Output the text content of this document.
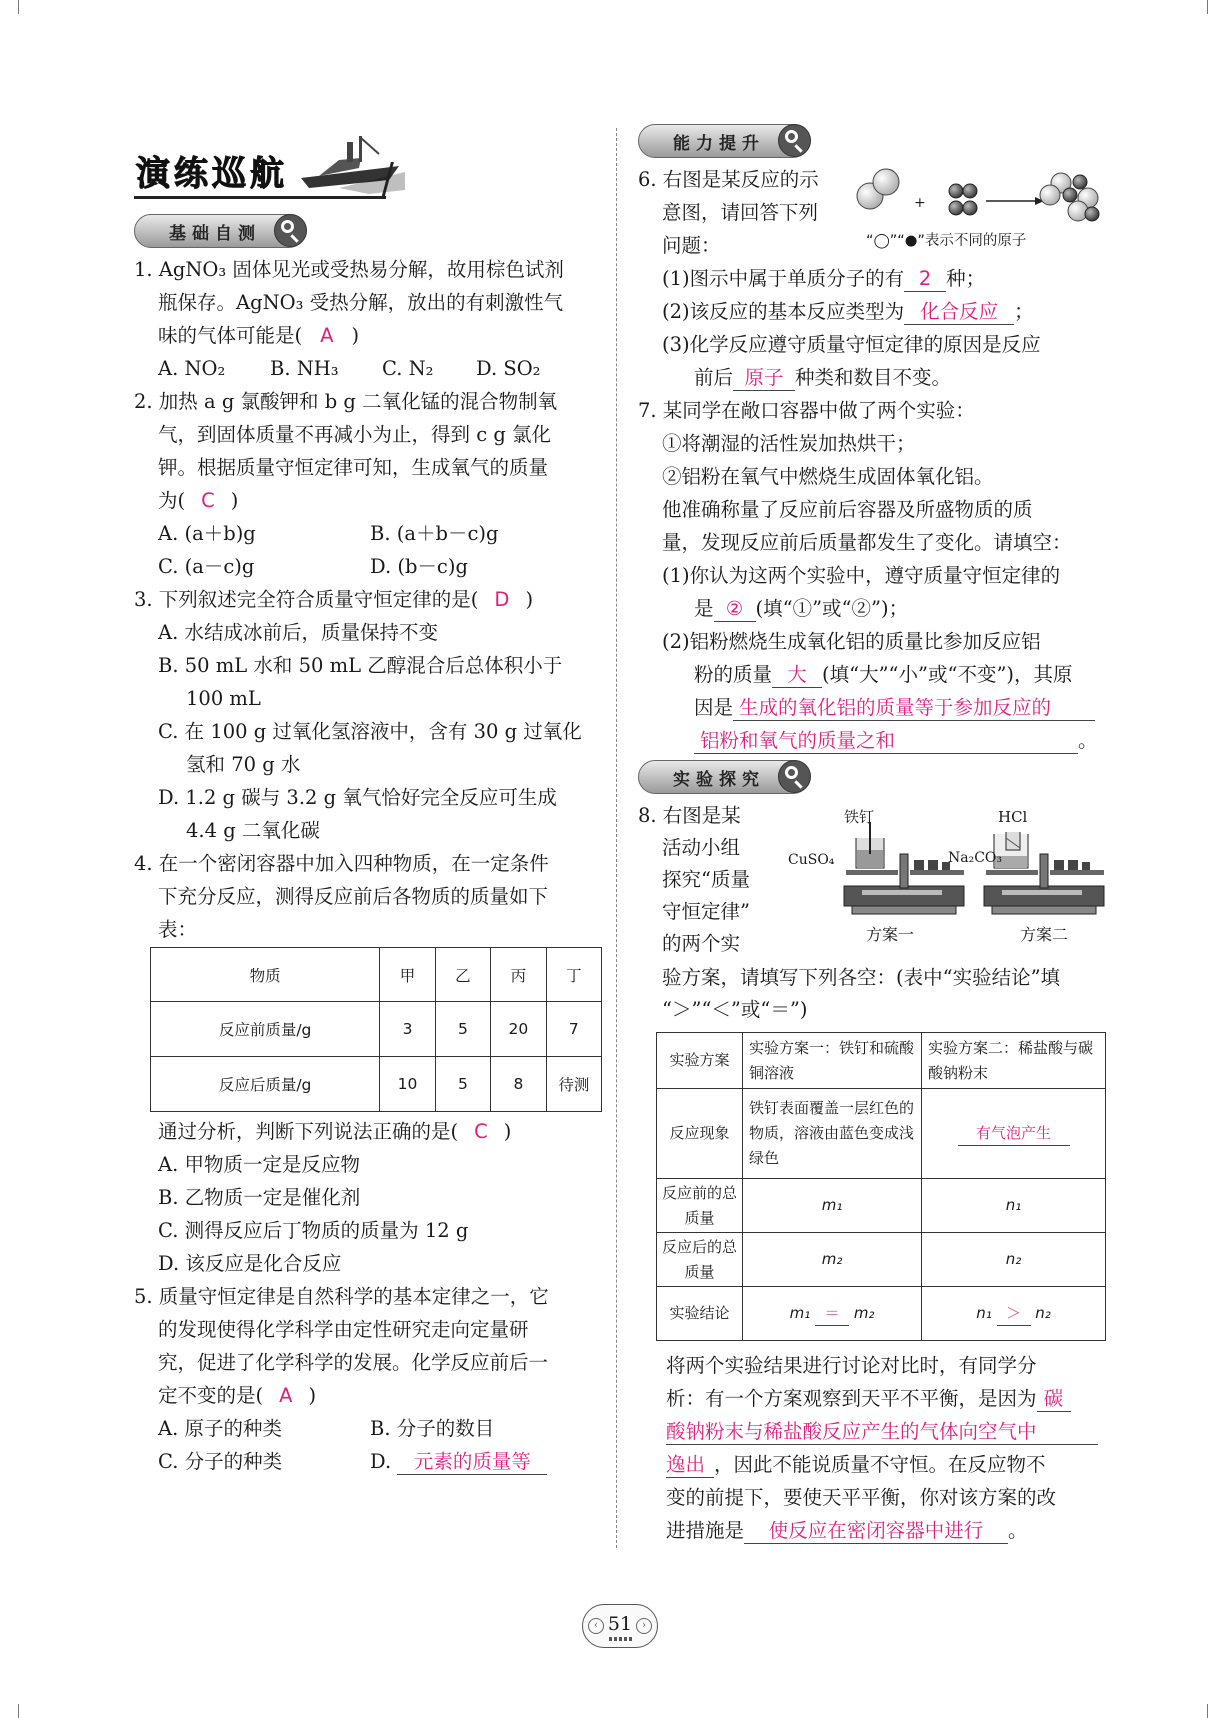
演练巡航
基础自测
能力提升
实验探究
1. AgNO₃ 固体见光或受热易分解，故用棕色试剂
瓶保存。AgNO₃ 受热分解，放出的有刺激性气
味的气体可能是( A )
A. NO₂ B. NH₃ C. N₂ D. SO₂
2. 加热 a g 氯酸钾和 b g 二氧化锰的混合物制氧
气，到固体质量不再减小为止，得到 c g 氯化
钾。根据质量守恒定律可知，生成氧气的质量
为( C )
A. (a＋b)g	B. (a＋b－c)g
C. (a－c)g	D. (b－c)g
3. 下列叙述完全符合质量守恒定律的是( D )
A. 水结成冰前后，质量保持不变
B. 50 mL 水和 50 mL 乙醇混合后总体积小于
100 mL
C. 在 100 g 过氧化氢溶液中，含有 30 g 过氧化
氢和 70 g 水
D. 1.2 g 碳与 3.2 g 氧气恰好完全反应可生成
4.4 g 二氧化碳
4. 在一个密闭容器中加入四种物质，在一定条件
下充分反应，测得反应前后各物质的质量如下
表：
物质	甲	乙	丙	丁
反应前质量/g	3	5	20	7
反应后质量/g	10	5	8	待测
通过分析，判断下列说法正确的是( C )
A. 甲物质一定是反应物
B. 乙物质一定是催化剂
C. 测得反应后丁物质的质量为 12 g
D. 该反应是化合反应
5. 质量守恒定律是自然科学的基本定律之一，它
的发现使得化学科学由定性研究走向定量研
究，促进了化学科学的发展。化学反应前后一
定不变的是( A )
A. 原子的种类	B. 分子的数目
C. 分子的种类	D. 元素的质量等
6. 右图是某反应的示
意图，请回答下列
问题：
+
“◯”“●”表示不同的原子
(1)图示中属于单质分子的有 2 种；
(2)该反应的基本反应类型为 化合反应 ；
(3)化学反应遵守质量守恒定律的原因是反应
前后 原子 种类和数目不变。
7. 某同学在敞口容器中做了两个实验：
①将潮湿的活性炭加热烘干；
②铝粉在氧气中燃烧生成固体氧化铝。
他准确称量了反应前后容器及所盛物质的质
量，发现反应前后质量都发生了变化。请填空：
(1)你认为这两个实验中，遵守质量守恒定律的
是 ② (填“①”或“②”)；
(2)铝粉燃烧生成氧化铝的质量比参加反应铝
粉的质量 大 (填“大”“小”或“不变”)，其原
因是 生成的氧化铝的质量等于参加反应的
铝粉和氧气的质量之和	。
8. 右图是某
活动小组
探究“质量
守恒定律”
的两个实
铁钉	HCl
CuSO₄	Na₂CO₃
方案一	方案二
验方案，请填写下列各空：(表中“实验结论”填
“＞”“＜”或“＝”)
实验方案	实验方案一：铁钉和硫酸铜溶液	实验方案二：稀盐酸与碳酸钠粉末
反应现象	铁钉表面覆盖一层红色的物质，溶液由蓝色变成浅绿色	有气泡产生
反应前的总质量	m₁	n₁
反应后的总质量	m₂	n₂
实验结论	m₁ ＝ m₂	n₁ ＞ n₂
将两个实验结果进行讨论对比时，有同学分
析：有一个方案观察到天平不平衡，是因为 碳
酸钠粉末与稀盐酸反应产生的气体向空气中
逸出 ，因此不能说质量不守恒。在反应物不
变的前提下，要使天平平衡，你对该方案的改
进措施是 使反应在密闭容器中进行 。
‹ 51 ›
